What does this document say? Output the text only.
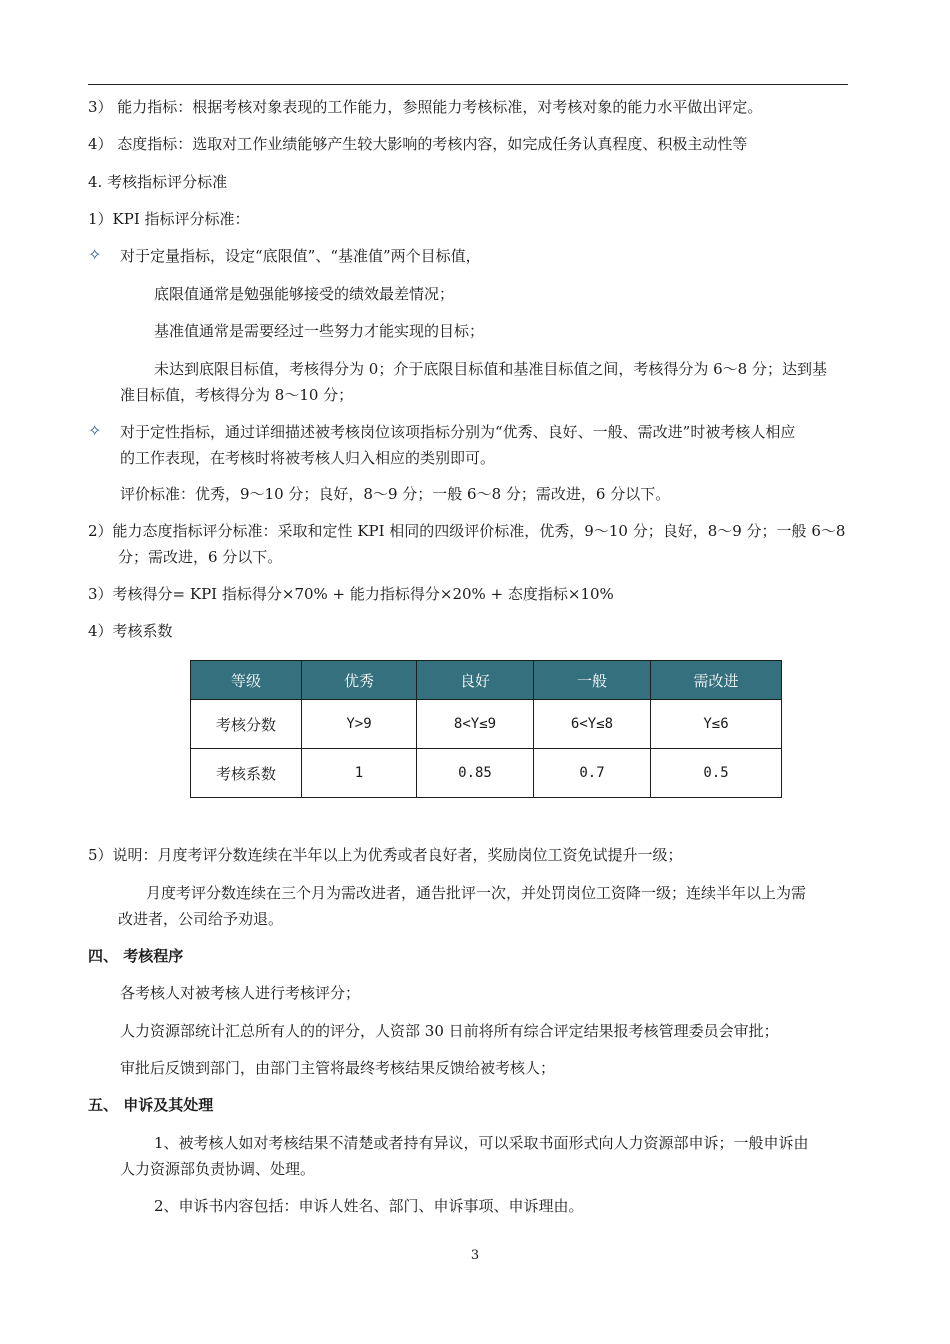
3） 能力指标：根据考核对象表现的工作能力，参照能力考核标准，对考核对象的能力水平做出评定。
4） 态度指标：选取对工作业绩能够产生较大影响的考核内容，如完成任务认真程度、积极主动性等
4. 考核指标评分标准
1）KPI 指标评分标准：
✧ 对于定量指标，设定“底限值”、“基准值”两个目标值，
底限值通常是勉强能够接受的绩效最差情况；
基准值通常是需要经过一些努力才能实现的目标；
未达到底限目标值，考核得分为 0；介于底限目标值和基准目标值之间，考核得分为 6～8 分；达到基
准目标值，考核得分为 8～10 分；
✧ 对于定性指标，通过详细描述被考核岗位该项指标分别为“优秀、良好、一般、需改进”时被考核人相应
的工作表现，在考核时将被考核人归入相应的类别即可。
评价标准：优秀，9～10 分；良好，8～9 分；一般 6～8 分；需改进，6 分以下。
2）能力态度指标评分标准：采取和定性 KPI 相同的四级评价标准，优秀，9～10 分；良好，8～9 分；一般 6～8
分；需改进，6 分以下。
3）考核得分= KPI 指标得分×70% + 能力指标得分×20% + 态度指标×10%
4）考核系数
等级	优秀	良好	一般	需改进
考核分数	Y>9	8<Y≤9	6<Y≤8	Y≤6
考核系数	1	0.85	0.7	0.5
5）说明：月度考评分数连续在半年以上为优秀或者良好者，奖励岗位工资免试提升一级；
月度考评分数连续在三个月为需改进者，通告批评一次，并处罚岗位工资降一级；连续半年以上为需
改进者，公司给予劝退。
四、 考核程序
各考核人对被考核人进行考核评分；
人力资源部统计汇总所有人的的评分，人资部 30 日前将所有综合评定结果报考核管理委员会审批；
审批后反馈到部门，由部门主管将最终考核结果反馈给被考核人；
五、 申诉及其处理
1、被考核人如对考核结果不清楚或者持有异议，可以采取书面形式向人力资源部申诉；一般申诉由
人力资源部负责协调、处理。
2、申诉书内容包括：申诉人姓名、部门、申诉事项、申诉理由。
3
